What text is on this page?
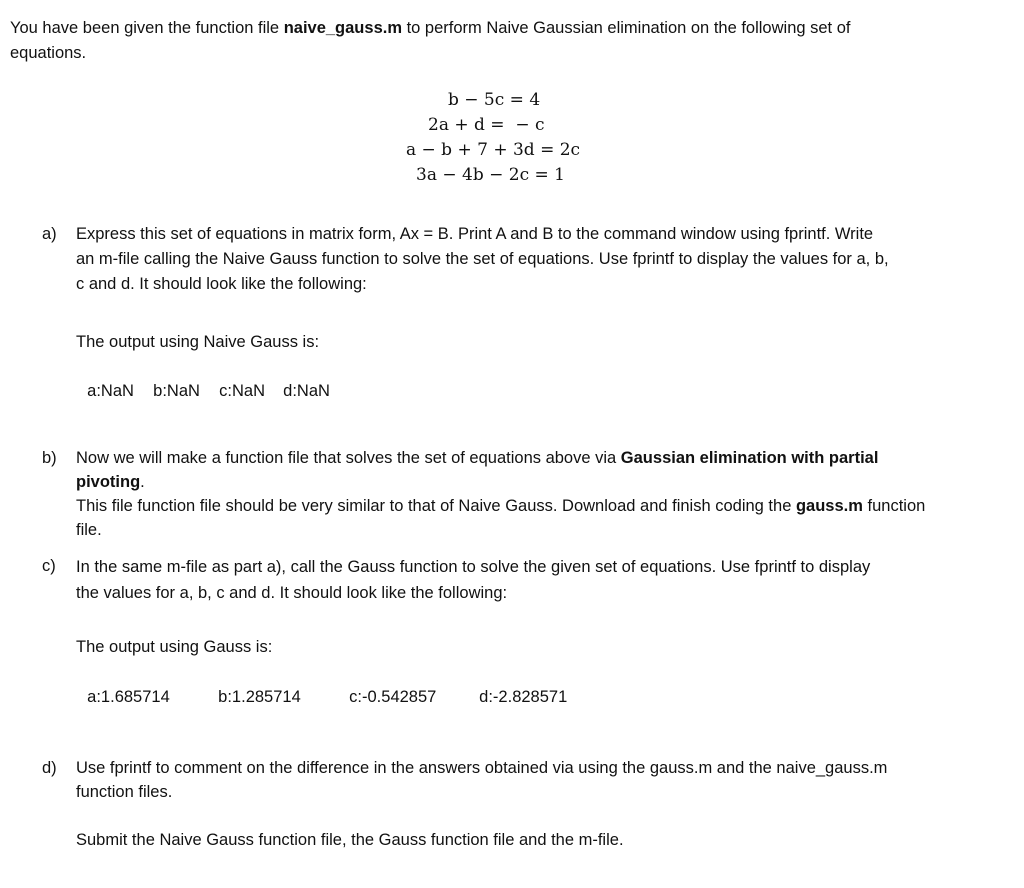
You have been given the function file naive_gauss.m to perform Naive Gaussian elimination on the following set of
equations.
b − 5c = 4
2a + d =  − c
a − b + 7 + 3d = 2c
3a − 4b − 2c = 1
a) Express this set of equations in matrix form, Ax = B. Print A and B to the command window using fprintf. Write
an m-file calling the Naive Gauss function to solve the set of equations. Use fprintf to display the values for a, b,
c and d. It should look like the following:
The output using Naive Gauss is:

a:NaN b:NaN c:NaN d:NaN

b) Now we will make a function file that solves the set of equations above via Gaussian elimination with partial
pivoting.
This file function file should be very similar to that of Naive Gauss. Download and finish coding the gauss.m function
file.
c) In the same m-file as part a), call the Gauss function to solve the given set of equations. Use fprintf to display
the values for a, b, c and d. It should look like the following:
The output using Gauss is:

a:1.685714	b:1.285714	c:-0.542857	d:-2.828571

d) Use fprintf to comment on the difference in the answers obtained via using the gauss.m and the naive_gauss.m
function files.
Submit the Naive Gauss function file, the Gauss function file and the m-file.
